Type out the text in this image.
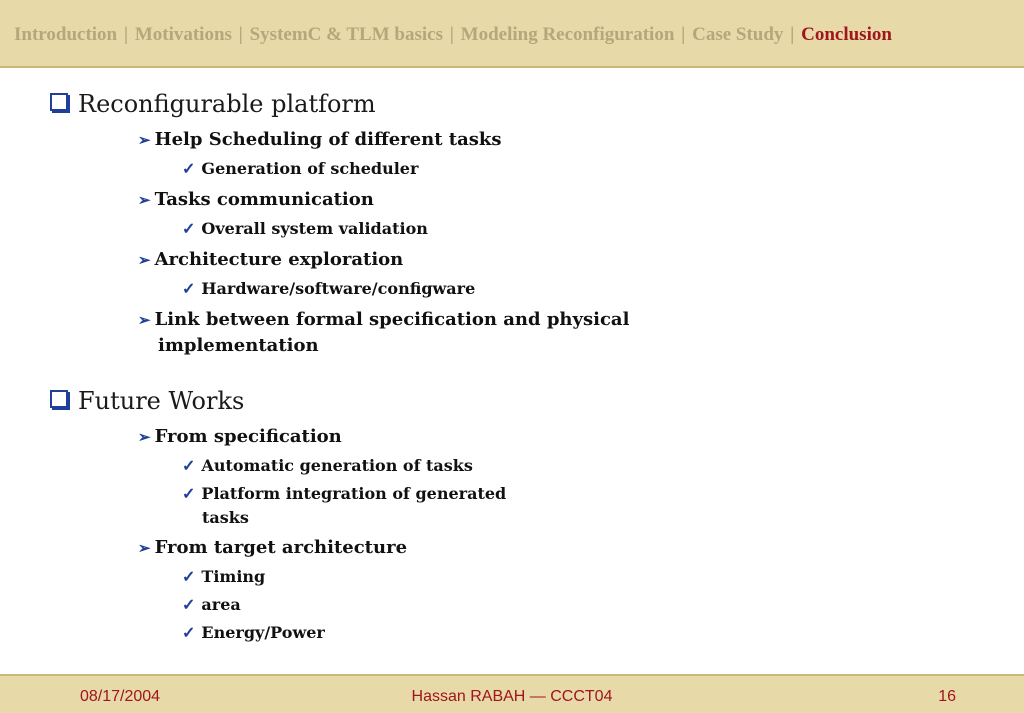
Introduction | Motivations | SystemC & TLM basics | Modeling Reconfiguration | Case Study | Conclusion
Reconfigurable platform
➢ Help Scheduling of different tasks
✓ Generation of scheduler
➢ Tasks communication
✓ Overall system validation
➢ Architecture exploration
✓ Hardware/software/configware
➢ Link between formal specification and physical
implementation
Future Works
➢ From specification
✓ Automatic generation of tasks
✓ Platform integration of generated
tasks
➢ From target architecture
✓ Timing
✓ area
✓ Energy/Power
08/17/2004	Hassan RABAH — CCCT04	16
